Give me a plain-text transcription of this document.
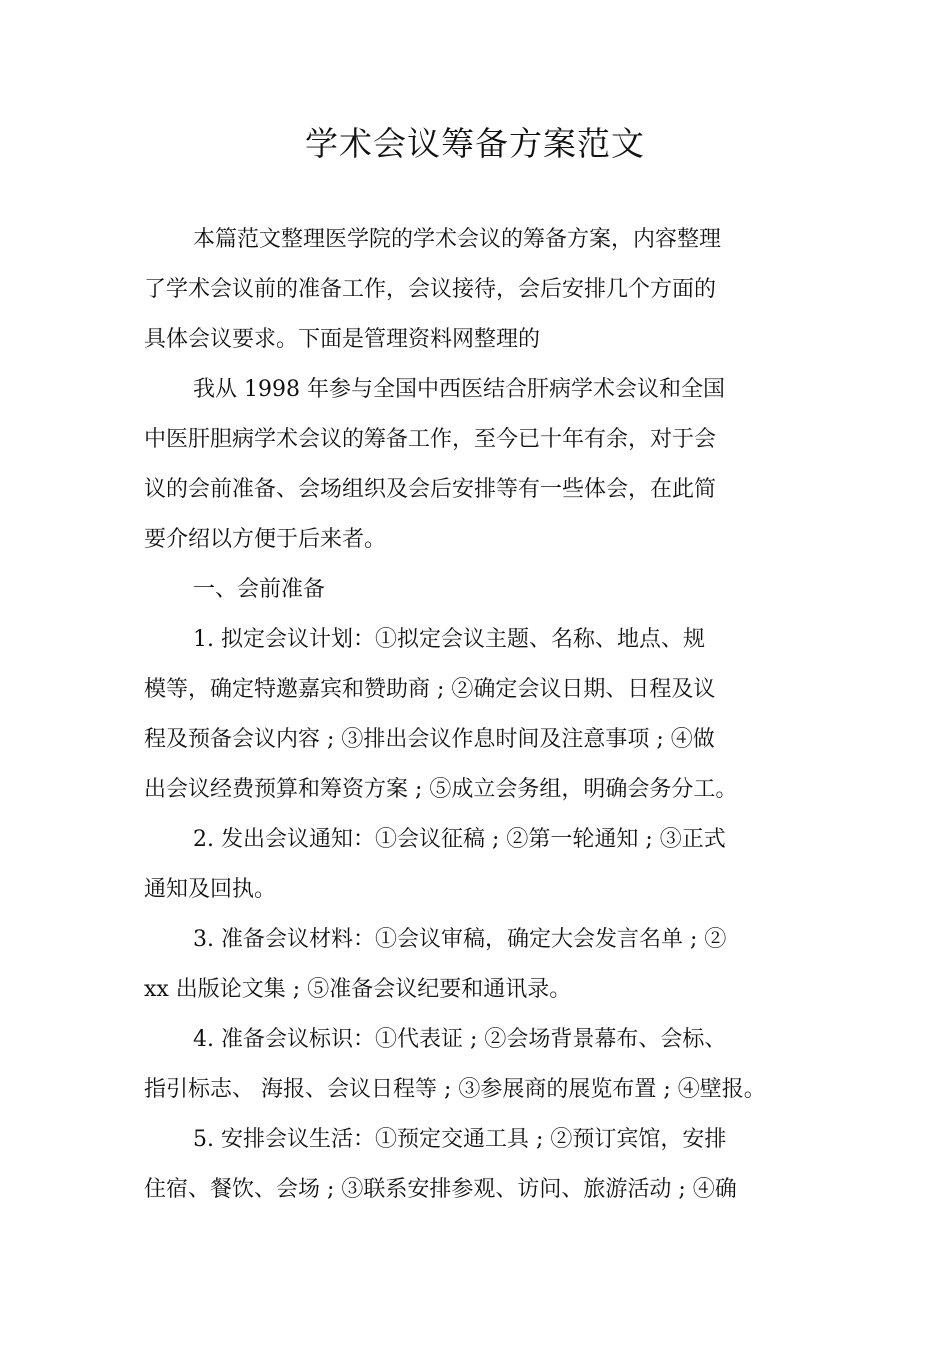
学术会议筹备方案范文
本篇范文整理医学院的学术会议的筹备方案，内容整理
了学术会议前的准备工作，会议接待，会后安排几个方面的
具体会议要求。下面是管理资料网整理的
我从 1998 年参与全国中西医结合肝病学术会议和全国
中医肝胆病学术会议的筹备工作，至今已十年有余，对于会
议的会前准备、会场组织及会后安排等有一些体会，在此简
要介绍以方便于后来者。
一、会前准备
1. 拟定会议计划：①拟定会议主题、名称、地点、规
模等，确定特邀嘉宾和赞助商 ; ②确定会议日期、日程及议
程及预备会议内容 ; ③排出会议作息时间及注意事项 ; ④做
出会议经费预算和筹资方案 ; ⑤成立会务组，明确会务分工。
2. 发出会议通知：①会议征稿 ; ②第一轮通知 ; ③正式
通知及回执。
3. 准备会议材料：①会议审稿，确定大会发言名单 ; ②
xx 出版论文集 ; ⑤准备会议纪要和通讯录。
4. 准备会议标识：①代表证 ; ②会场背景幕布、会标、
指引标志、 海报、会议日程等 ; ③参展商的展览布置 ; ④壁报。
5. 安排会议生活：①预定交通工具 ; ②预订宾馆，安排
住宿、餐饮、会场 ; ③联系安排参观、访问、旅游活动 ; ④确
